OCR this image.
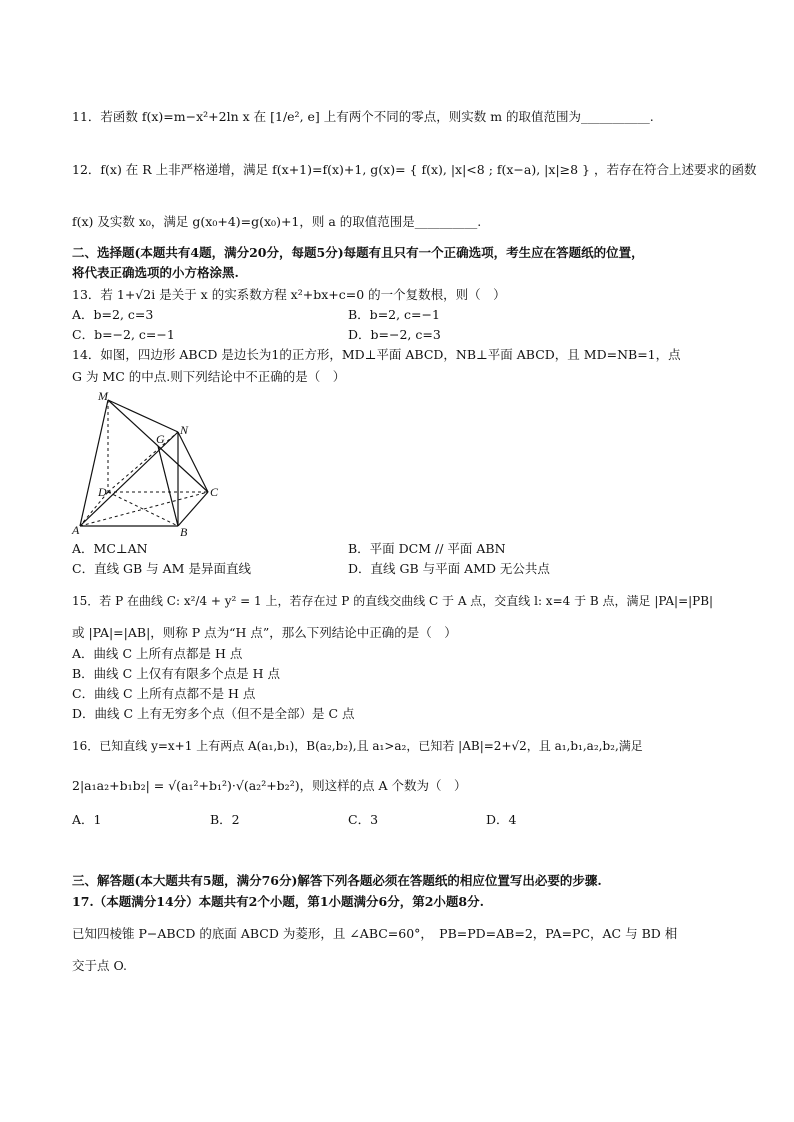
11．若函数 f(x)=m−x²+2ln x 在 [1/e², e] 上有两个不同的零点，则实数 m 的取值范围为___________.
12．f(x) 在 R 上非严格递增，满足 f(x+1)=f(x)+1, g(x)= { f(x), |x|<8 ; f(x−a), |x|≥8 } ，若存在符合上述要求的函数
f(x) 及实数 x₀，满足 g(x₀+4)=g(x₀)+1，则 a 的取值范围是__________.
二、选择题(本题共有4题，满分20分，每题5分)每题有且只有一个正确选项，考生应在答题纸的位置，
将代表正确选项的小方格涂黑.
13．若 1+√2i 是关于 x 的实系数方程 x²+bx+c=0 的一个复数根，则（　）
A．b=2, c=3	B．b=2, c=−1
C．b=−2, c=−1	D．b=−2, c=3
14．如图，四边形 ABCD 是边长为1的正方形，MD⊥平面 ABCD，NB⊥平面 ABCD，且 MD=NB=1，点
G 为 MC 的中点.则下列结论中不正确的是（　）
M
N
G
D	C
A	B
A．MC⊥AN	B．平面 DCM // 平面 ABN
C．直线 GB 与 AM 是异面直线	D．直线 GB 与平面 AMD 无公共点
15．若 P 在曲线 C: x²/4 + y² = 1 上，若存在过 P 的直线交曲线 C 于 A 点，交直线 l: x=4 于 B 点，满足 |PA|=|PB|
或 |PA|=|AB|，则称 P 点为“H 点”，那么下列结论中正确的是（　）
A．曲线 C 上所有点都是 H 点
B．曲线 C 上仅有有限多个点是 H 点
C．曲线 C 上所有点都不是 H 点
D．曲线 C 上有无穷多个点（但不是全部）是 C 点
16．已知直线 y=x+1 上有两点 A(a₁,b₁)，B(a₂,b₂),且 a₁>a₂，已知若 |AB|=2+√2，且 a₁,b₁,a₂,b₂,满足
2|a₁a₂+b₁b₂| = √(a₁²+b₁²)·√(a₂²+b₂²)，则这样的点 A 个数为（　）
A．1	B．2	C．3	D．4
三、解答题(本大题共有5题，满分76分)解答下列各题必须在答题纸的相应位置写出必要的步骤.
17.（本题满分14分）本题共有2个小题，第1小题满分6分，第2小题8分.
已知四棱锥 P−ABCD 的底面 ABCD 为菱形，且 ∠ABC=60°，　PB=PD=AB=2，PA=PC，AC 与 BD 相
交于点 O.
